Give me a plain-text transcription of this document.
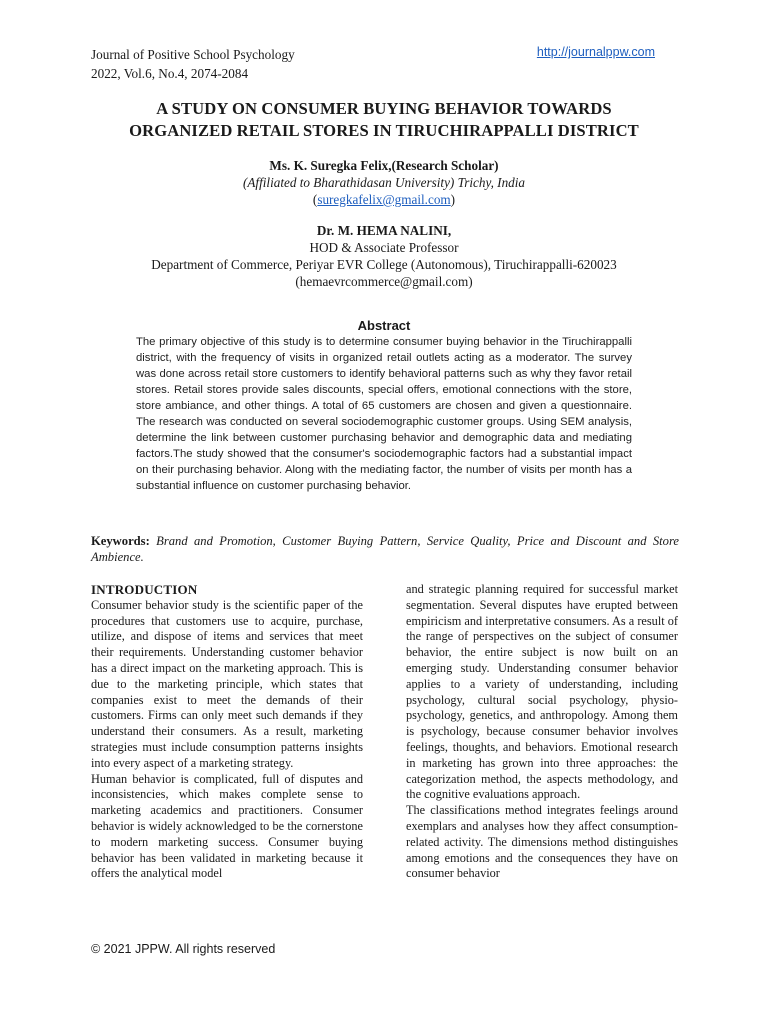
Journal of Positive School Psychology
2022, Vol.6, No.4, 2074-2084
http://journalppw.com
A STUDY ON CONSUMER BUYING BEHAVIOR TOWARDS
ORGANIZED RETAIL STORES IN TIRUCHIRAPPALLI DISTRICT
Ms. K. Suregka Felix,(Research Scholar)
(Affiliated to Bharathidasan University) Trichy, India
(suregkafelix@gmail.com)
Dr. M. HEMA NALINI,
HOD & Associate Professor
Department of Commerce, Periyar EVR College (Autonomous), Tiruchirappalli-620023
(hemaevrcommerce@gmail.com)
Abstract
The primary objective of this study is to determine consumer buying behavior in the Tiruchirappalli district, with the frequency of visits in organized retail outlets acting as a moderator. The survey was done across retail store customers to identify behavioral patterns such as why they favor retail stores. Retail stores provide sales discounts, special offers, emotional connections with the store, store ambiance, and other things. A total of 65 customers are chosen and given a questionnaire. The research was conducted on several sociodemographic customer groups. Using SEM analysis, determine the link between customer purchasing behavior and demographic data and mediating factors.The study showed that the consumer's sociodemographic factors had a substantial impact on their purchasing behavior. Along with the mediating factor, the number of visits per month has a substantial influence on customer purchasing behavior.
Keywords: Brand and Promotion, Customer Buying Pattern, Service Quality, Price and Discount and Store Ambience.
INTRODUCTION

Consumer behavior study is the scientific paper of the procedures that customers use to acquire, purchase, utilize, and dispose of items and services that meet their requirements. Understanding customer behavior has a direct impact on the marketing approach. This is due to the marketing principle, which states that companies exist to meet the demands of their customers. Firms can only meet such demands if they understand their consumers. As a result, marketing strategies must include consumption patterns insights into every aspect of a marketing strategy.

Human behavior is complicated, full of disputes and inconsistencies, which makes complete sense to marketing academics and practitioners. Consumer behavior is widely acknowledged to be the cornerstone to modern marketing success. Consumer buying behavior has been validated in marketing because it offers the analytical model

and strategic planning required for successful market segmentation. Several disputes have erupted between empiricism and interpretative consumers. As a result of the range of perspectives on the subject of consumer behavior, the entire subject is now built on an emerging study. Understanding consumer behavior applies to a variety of understanding, including psychology, cultural social psychology, physio-psychology, genetics, and anthropology. Among them is psychology, because consumer behavior involves feelings, thoughts, and behaviors. Emotional research in marketing has grown into three approaches: the categorization method, the aspects methodology, and the cognitive evaluations approach.

The classifications method integrates feelings around exemplars and analyses how they affect consumption-related activity. The dimensions method distinguishes among emotions and the consequences they have on consumer behavior

© 2021 JPPW. All rights reserved
